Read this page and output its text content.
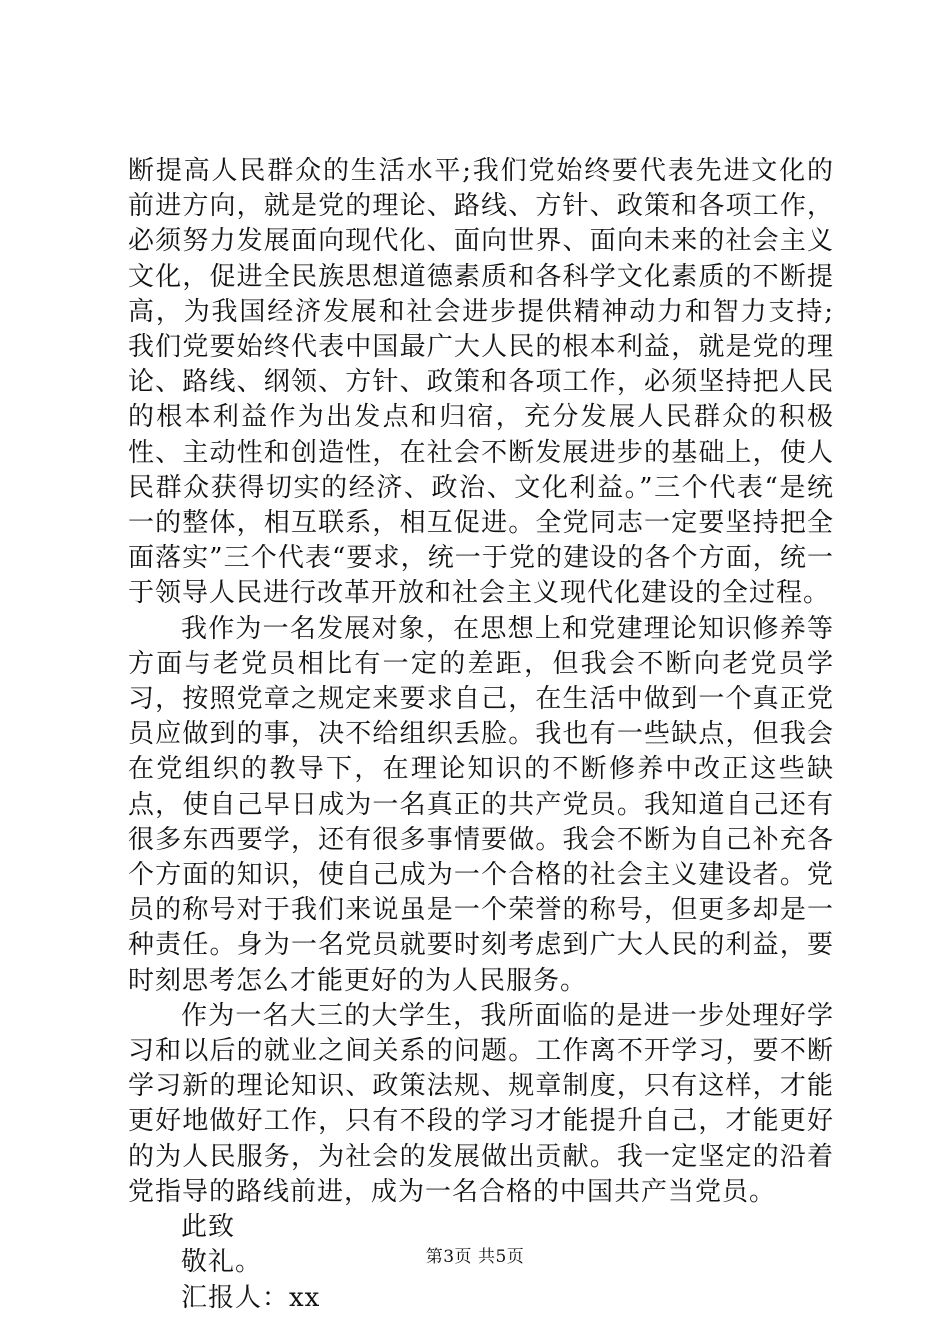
断提高人民群众的生活水平;我们党始终要代表先进文化的前进方向，就是党的理论、路线、方针、政策和各项工作，必须努力发展面向现代化、面向世界、面向未来的社会主义文化，促进全民族思想道德素质和各科学文化素质的不断提高，为我国经济发展和社会进步提供精神动力和智力支持;我们党要始终代表中国最广大人民的根本利益，就是党的理论、路线、纲领、方针、政策和各项工作，必须坚持把人民的根本利益作为出发点和归宿，充分发展人民群众的积极性、主动性和创造性，在社会不断发展进步的基础上，使人民群众获得切实的经济、政治、文化利益。”三个代表“是统一的整体，相互联系，相互促进。全党同志一定要坚持把全面落实”三个代表“要求，统一于党的建设的各个方面，统一于领导人民进行改革开放和社会主义现代化建设的全过程。

我作为一名发展对象，在思想上和党建理论知识修养等方面与老党员相比有一定的差距，但我会不断向老党员学习，按照党章之规定来要求自己，在生活中做到一个真正党员应做到的事，决不给组织丢脸。我也有一些缺点，但我会在党组织的教导下，在理论知识的不断修养中改正这些缺点，使自己早日成为一名真正的共产党员。我知道自己还有很多东西要学，还有很多事情要做。我会不断为自己补充各个方面的知识，使自己成为一个合格的社会主义建设者。党员的称号对于我们来说虽是一个荣誉的称号，但更多却是一种责任。身为一名党员就要时刻考虑到广大人民的利益，要时刻思考怎么才能更好的为人民服务。

作为一名大三的大学生，我所面临的是进一步处理好学习和以后的就业之间关系的问题。工作离不开学习，要不断学习新的理论知识、政策法规、规章制度，只有这样，才能更好地做好工作，只有不段的学习才能提升自己，才能更好的为人民服务，为社会的发展做出贡献。我一定坚定的沿着党指导的路线前进，成为一名合格的中国共产当党员。

此致

敬礼。

汇报人：xx

第3页 共5页
